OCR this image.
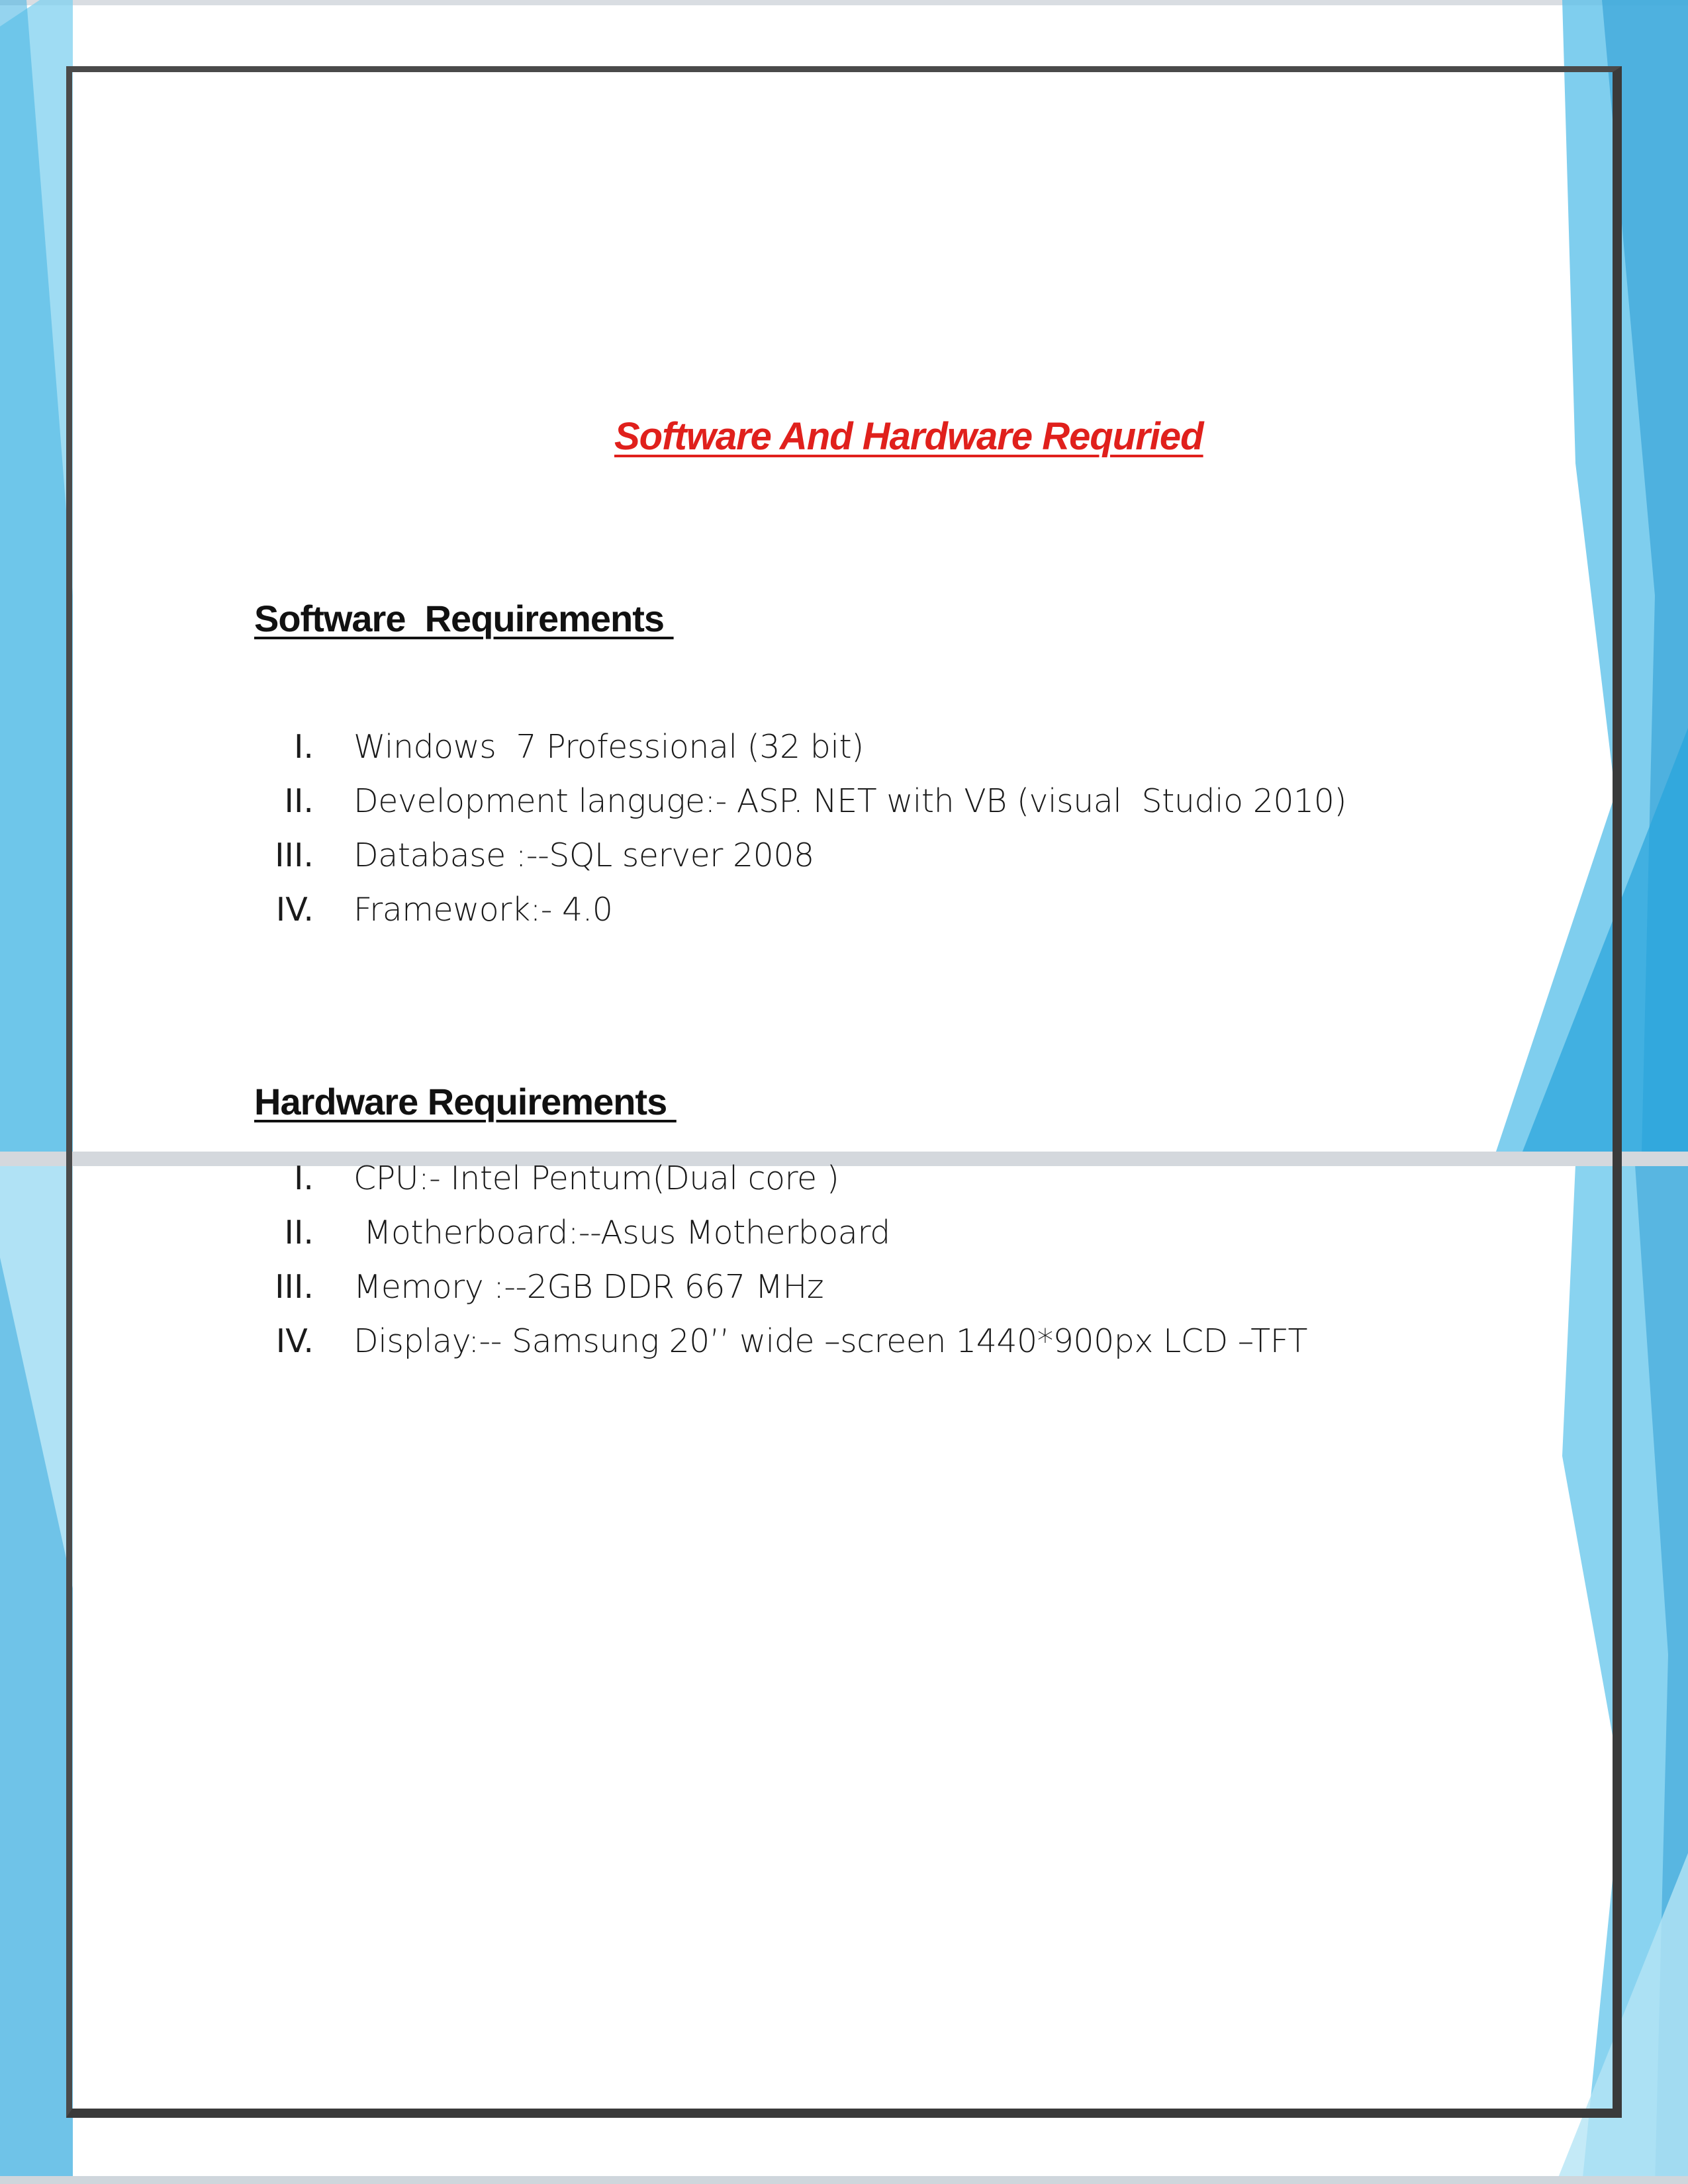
Software And Hardware Requried
Software  Requirements

I.

Windows  7 Professional (32 bit)

II.

Development languge:- ASP. NET with VB (visual  Studio 2010)

III.

Database :--SQL server 2008

IV.

Framework:- 4.0

Hardware Requirements

I.

CPU:- Intel Pentum(Dual core )

II.

Motherboard:--Asus Motherboard

III.

Memory :--2GB DDR 667 MHz

IV.

Display:-- Samsung 20’’ wide –screen 1440*900px LCD –TFT
